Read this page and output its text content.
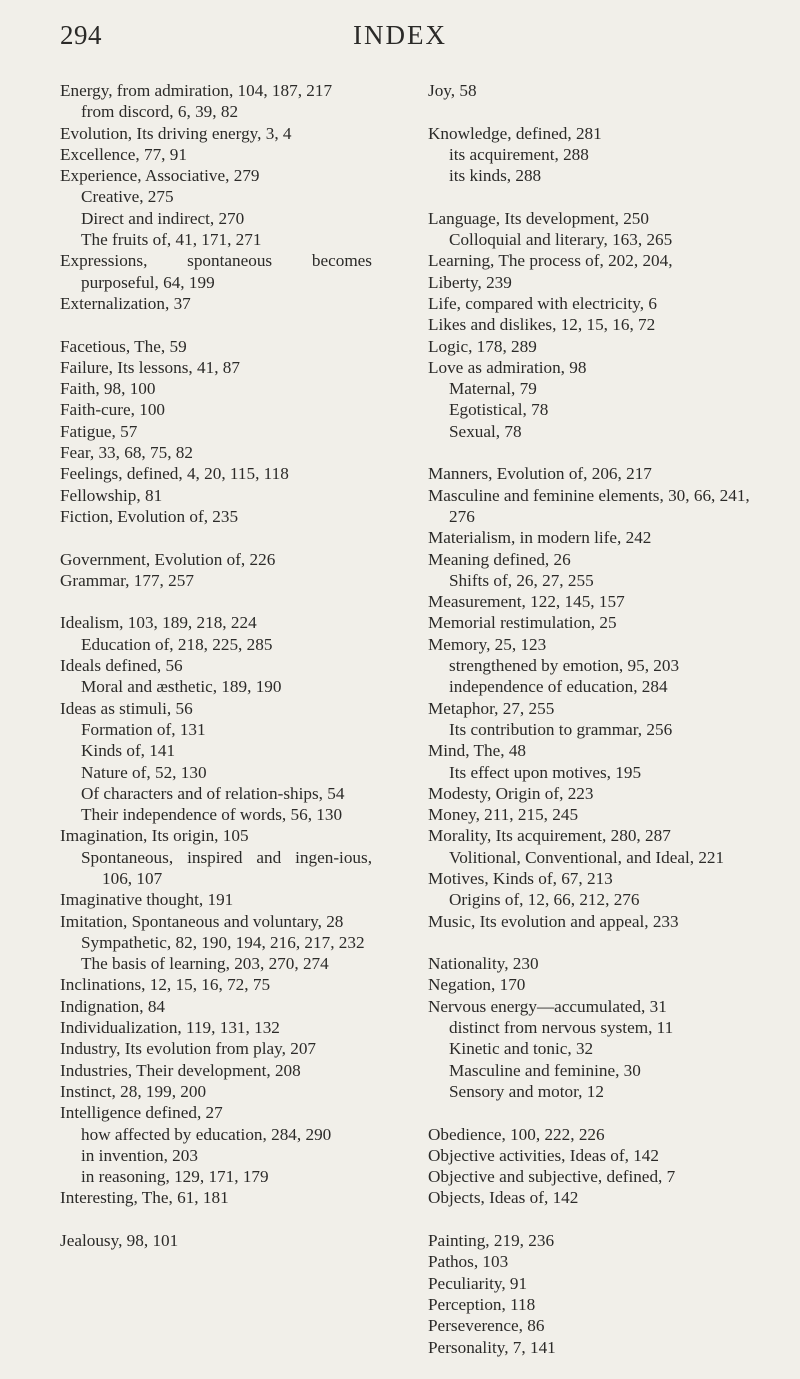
294	INDEX
Energy, from admiration, 104, 187, 217
from discord, 6, 39, 82
Evolution, Its driving energy, 3, 4
Excellence, 77, 91
Experience, Associative, 279
Creative, 275
Direct and indirect, 270
The fruits of, 41, 171, 271
Expressions, spontaneous becomes purposeful, 64, 199
Externalization, 37
Facetious, The, 59
Failure, Its lessons, 41, 87
Faith, 98, 100
Faith-cure, 100
Fatigue, 57
Fear, 33, 68, 75, 82
Feelings, defined, 4, 20, 115, 118
Fellowship, 81
Fiction, Evolution of, 235
Government, Evolution of, 226
Grammar, 177, 257
Idealism, 103, 189, 218, 224
Education of, 218, 225, 285
Ideals defined, 56
Moral and æsthetic, 189, 190
Ideas as stimuli, 56
Formation of, 131
Kinds of, 141
Nature of, 52, 130
Of characters and of relation-ships, 54
Their independence of words, 56, 130
Imagination, Its origin, 105
Spontaneous, inspired and ingen-ious, 106, 107
Imaginative thought, 191
Imitation, Spontaneous and voluntary, 28
Sympathetic, 82, 190, 194, 216, 217, 232
The basis of learning, 203, 270, 274
Inclinations, 12, 15, 16, 72, 75
Indignation, 84
Individualization, 119, 131, 132
Industry, Its evolution from play, 207
Industries, Their development, 208
Instinct, 28, 199, 200
Intelligence defined, 27
how affected by education, 284, 290
in invention, 203
in reasoning, 129, 171, 179
Interesting, The, 61, 181
Jealousy, 98, 101
Joy, 58
Knowledge, defined, 281
its acquirement, 288
its kinds, 288
Language, Its development, 250
Colloquial and literary, 163, 265
Learning, The process of, 202, 204,
Liberty, 239
Life, compared with electricity, 6
Likes and dislikes, 12, 15, 16, 72
Logic, 178, 289
Love as admiration, 98
Maternal, 79
Egotistical, 78
Sexual, 78
Manners, Evolution of, 206, 217
Masculine and feminine elements, 30, 66, 241, 276
Materialism, in modern life, 242
Meaning defined, 26
Shifts of, 26, 27, 255
Measurement, 122, 145, 157
Memorial restimulation, 25
Memory, 25, 123
strengthened by emotion, 95, 203
independence of education, 284
Metaphor, 27, 255
Its contribution to grammar, 256
Mind, The, 48
Its effect upon motives, 195
Modesty, Origin of, 223
Money, 211, 215, 245
Morality, Its acquirement, 280, 287
Volitional, Conventional, and Ideal, 221
Motives, Kinds of, 67, 213
Origins of, 12, 66, 212, 276
Music, Its evolution and appeal, 233
Nationality, 230
Negation, 170
Nervous energy—accumulated, 31
distinct from nervous system, 11
Kinetic and tonic, 32
Masculine and feminine, 30
Sensory and motor, 12
Obedience, 100, 222, 226
Objective activities, Ideas of, 142
Objective and subjective, defined, 7
Objects, Ideas of, 142
Painting, 219, 236
Pathos, 103
Peculiarity, 91
Perception, 118
Perseverence, 86
Personality, 7, 141
